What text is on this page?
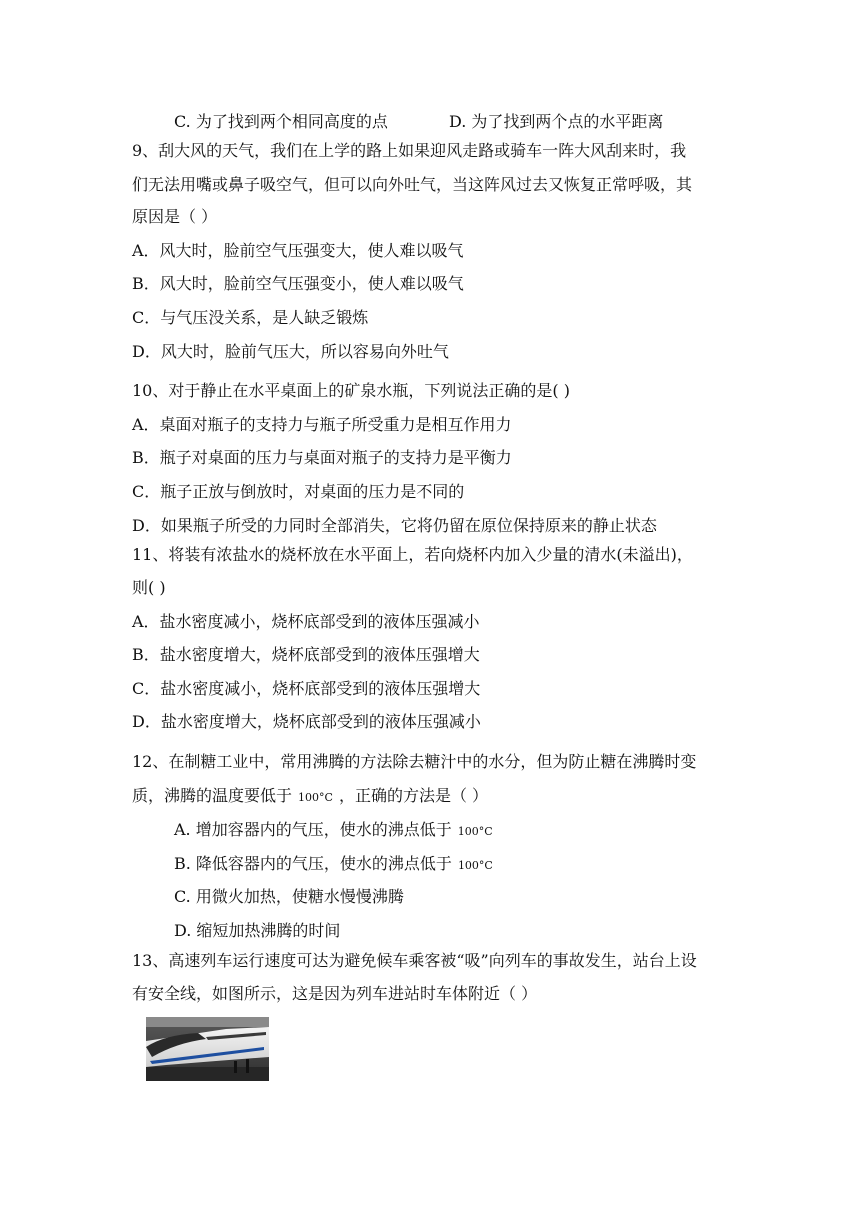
C. 为了找到两个相同高度的点	D. 为了找到两个点的水平距离
9、刮大风的天气，我们在上学的路上如果迎风走路或骑车一阵大风刮来时，我
们无法用嘴或鼻子吸空气，但可以向外吐气，当这阵风过去又恢复正常呼吸，其
原因是（ ）
A．风大时，脸前空气压强变大，使人难以吸气
B．风大时，脸前空气压强变小，使人难以吸气
C．与气压没关系，是人缺乏锻炼
D．风大时，脸前气压大，所以容易向外吐气
10、对于静止在水平桌面上的矿泉水瓶，下列说法正确的是( )
A．桌面对瓶子的支持力与瓶子所受重力是相互作用力
B．瓶子对桌面的压力与桌面对瓶子的支持力是平衡力
C．瓶子正放与倒放时，对桌面的压力是不同的
D．如果瓶子所受的力同时全部消失，它将仍留在原位保持原来的静止状态
11、将装有浓盐水的烧杯放在水平面上，若向烧杯内加入少量的清水(未溢出)，
则( )
A．盐水密度减小，烧杯底部受到的液体压强减小
B．盐水密度增大，烧杯底部受到的液体压强增大
C．盐水密度减小，烧杯底部受到的液体压强增大
D．盐水密度增大，烧杯底部受到的液体压强减小
12、在制糖工业中，常用沸腾的方法除去糖汁中的水分，但为防止糖在沸腾时变
质，沸腾的温度要低于 100°C ，正确的方法是（ ）
A. 增加容器内的气压，使水的沸点低于 100°C
B. 降低容器内的气压，使水的沸点低于 100°C
C. 用微火加热，使糖水慢慢沸腾
D. 缩短加热沸腾的时间
13、高速列车运行速度可达为避免候车乘客被“吸”向列车的事故发生，站台上设
有安全线，如图所示，这是因为列车进站时车体附近（ ）
